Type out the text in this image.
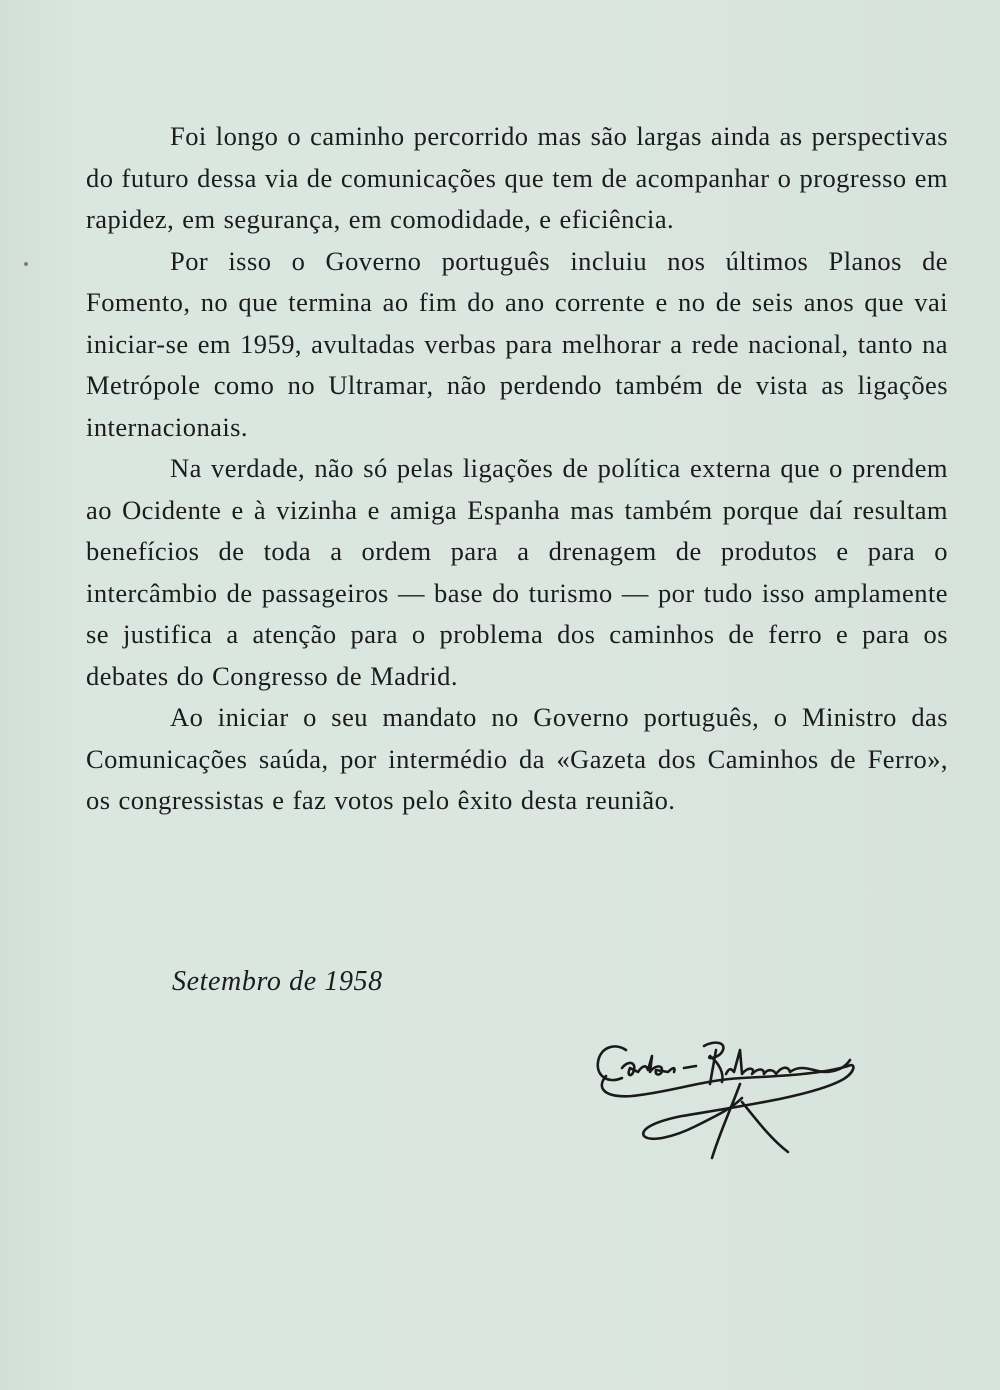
Foi longo o caminho percorrido mas são largas ainda as perspectivas do futuro dessa via de comunicações que tem de acompanhar o progresso em rapidez, em segurança, em comodidade, e eficiência.

Por isso o Governo português incluiu nos últimos Planos de Fomento, no que termina ao fim do ano corrente e no de seis anos que vai iniciar-se em 1959, avultadas verbas para melhorar a rede nacional, tanto na Metrópole como no Ultramar, não perdendo também de vista as ligações internacionais.

Na verdade, não só pelas ligações de política externa que o prendem ao Ocidente e à vizinha e amiga Espanha mas também porque daí resultam benefícios de toda a ordem para a drenagem de produtos e para o intercâmbio de passageiros — base do turismo — por tudo isso amplamente se justifica a atenção para o problema dos caminhos de ferro e para os debates do Congresso de Madrid.

Ao iniciar o seu mandato no Governo português, o Ministro das Comunicações saúda, por intermédio da «Gazeta dos Caminhos de Ferro», os congressistas e faz votos pelo êxito desta reunião.

Setembro de 1958
